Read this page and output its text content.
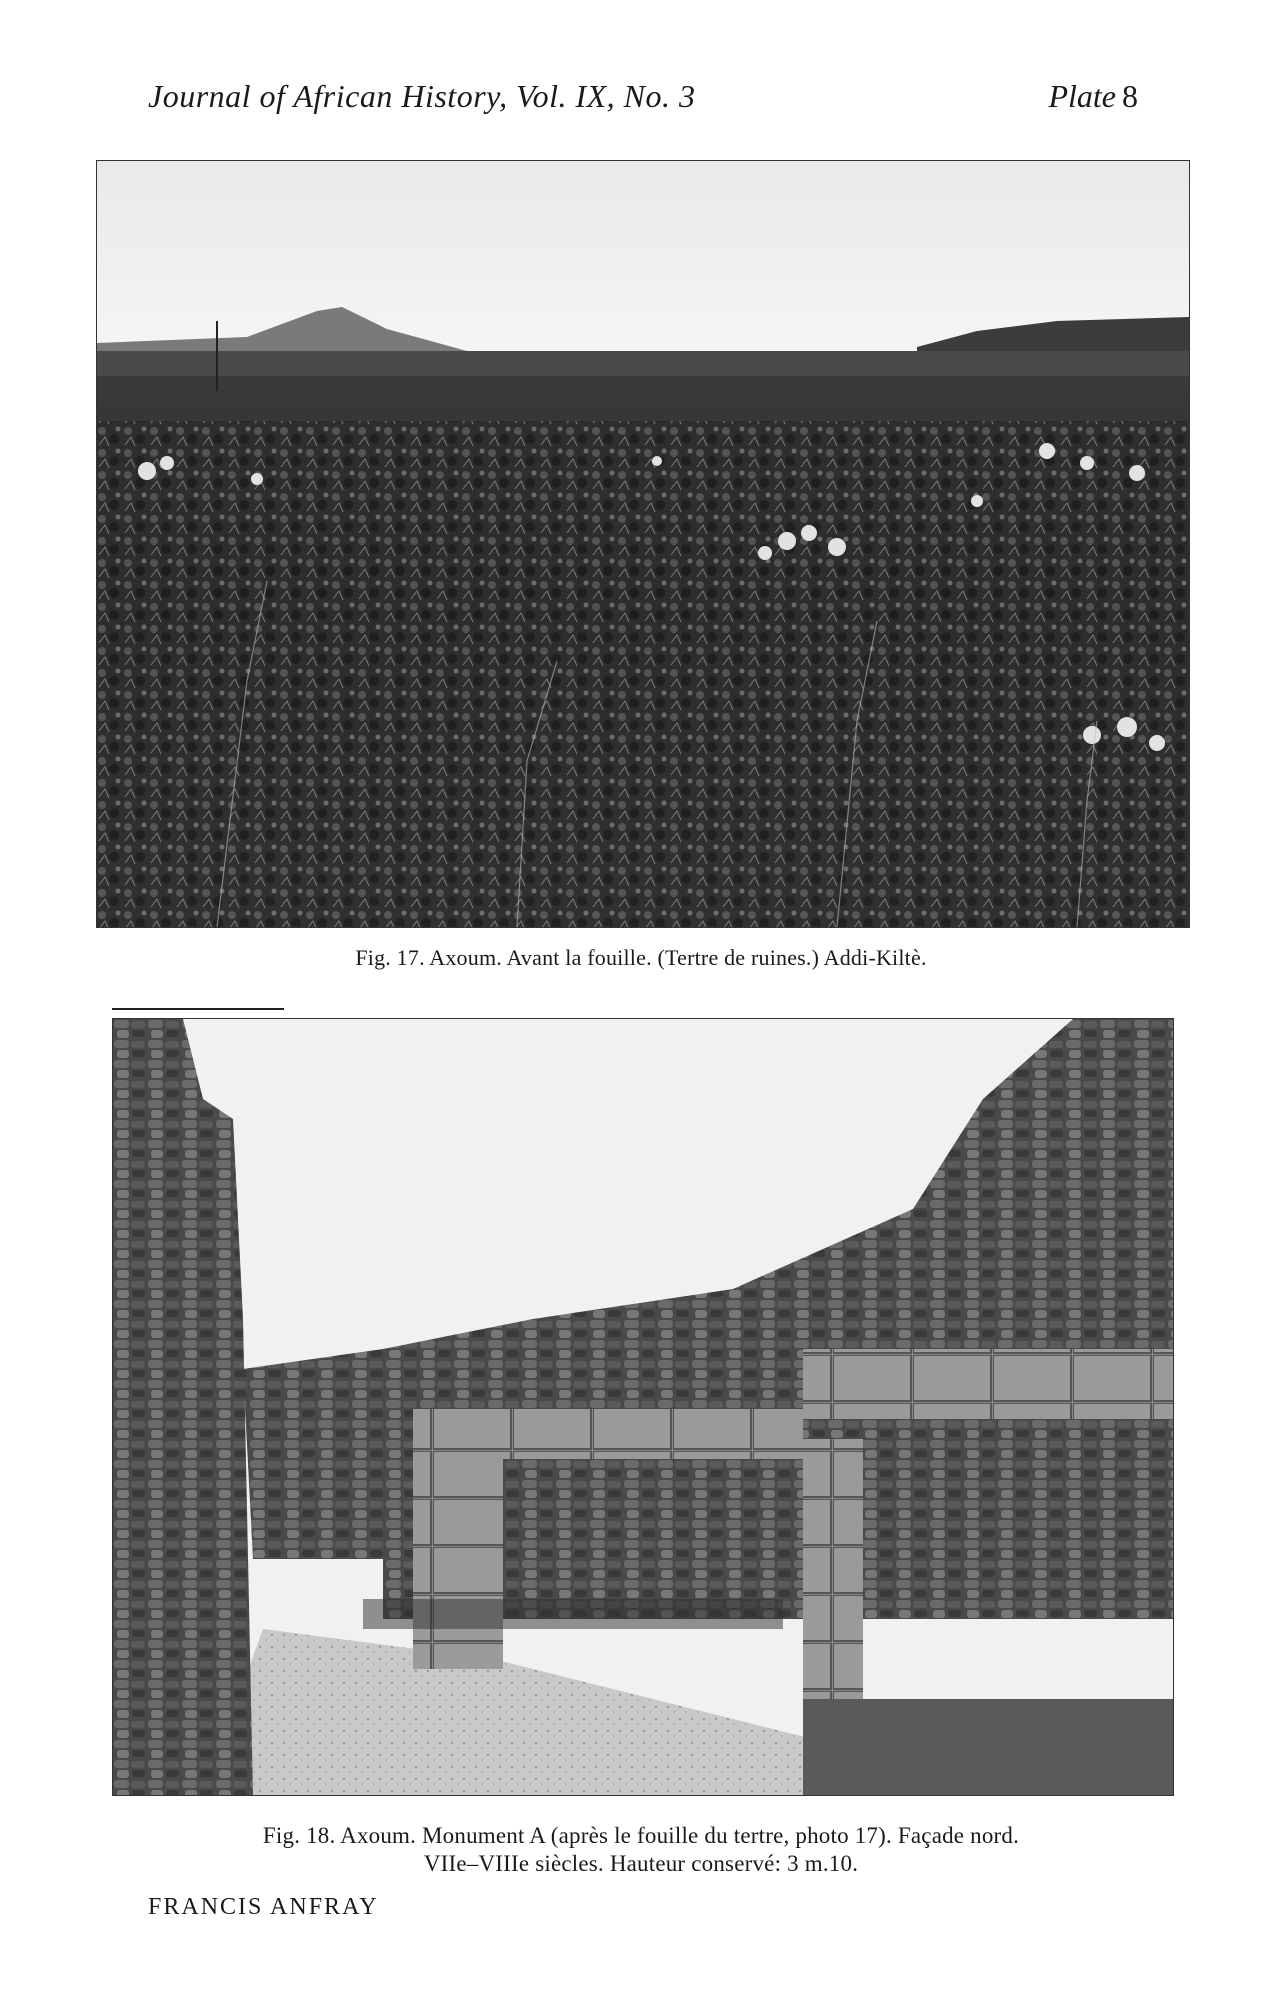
Journal of African History, Vol. IX, No. 3	Plate 8
Fig. 17. Axoum. Avant la fouille. (Tertre de ruines.) Addi-Kiltè.
Fig. 18. Axoum. Monument A (après le fouille du tertre, photo 17). Façade nord.
VIIe–VIIIe siècles. Hauteur conservé: 3 m.10.
FRANCIS ANFRAY
